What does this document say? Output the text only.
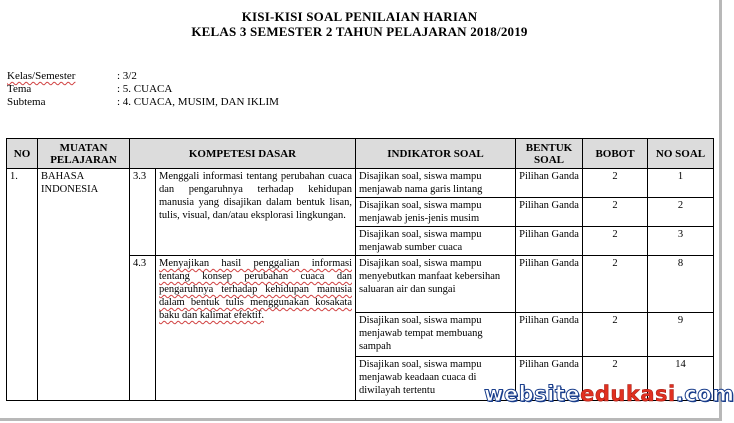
KISI-KISI SOAL PENILAIAN HARIAN
KELAS 3 SEMESTER 2 TAHUN PELAJARAN 2018/2019
Kelas/Semester	: 3/2
Tema	: 5. CUACA
Subtema	: 4. CUACA, MUSIM, DAN IKLIM
NO	MUATAN PELAJARAN	KOMPETESI DASAR		INDIKATOR SOAL	BENTUK SOAL	BOBOT	NO SOAL
1.	BAHASA INDONESIA	3.3	Menggali informasi tentang perubahan cuaca dan pengaruhnya terhadap kehidupan manusia yang disajikan dalam bentuk lisan, tulis, visual, dan/atau eksplorasi lingkungan.	Disajikan soal, siswa mampu menjawab nama garis lintang	Pilihan Ganda	2	1
				Disajikan soal, siswa mampu menjawab jenis-jenis musim	Pilihan Ganda	2	2
				Disajikan soal, siswa mampu menjawab sumber cuaca	Pilihan Ganda	2	3
		4.3	Menyajikan hasil penggalian informasi tentang konsep perubahan cuaca dan pengaruhnya terhadap kehidupan manusia dalam bentuk tulis menggunakan kosakata baku dan kalimat efektif.	Disajikan soal, siswa mampu menyebutkan manfaat kebersihan saluaran air dan sungai	Pilihan Ganda	2	8
				Disajikan soal, siswa mampu menjawab tempat membuang sampah	Pilihan Ganda	2	9
				Disajikan soal, siswa mampu menjawab keadaan cuaca di diwilayah tertentu	Pilihan Ganda	2	14
websiteedukasi.com
